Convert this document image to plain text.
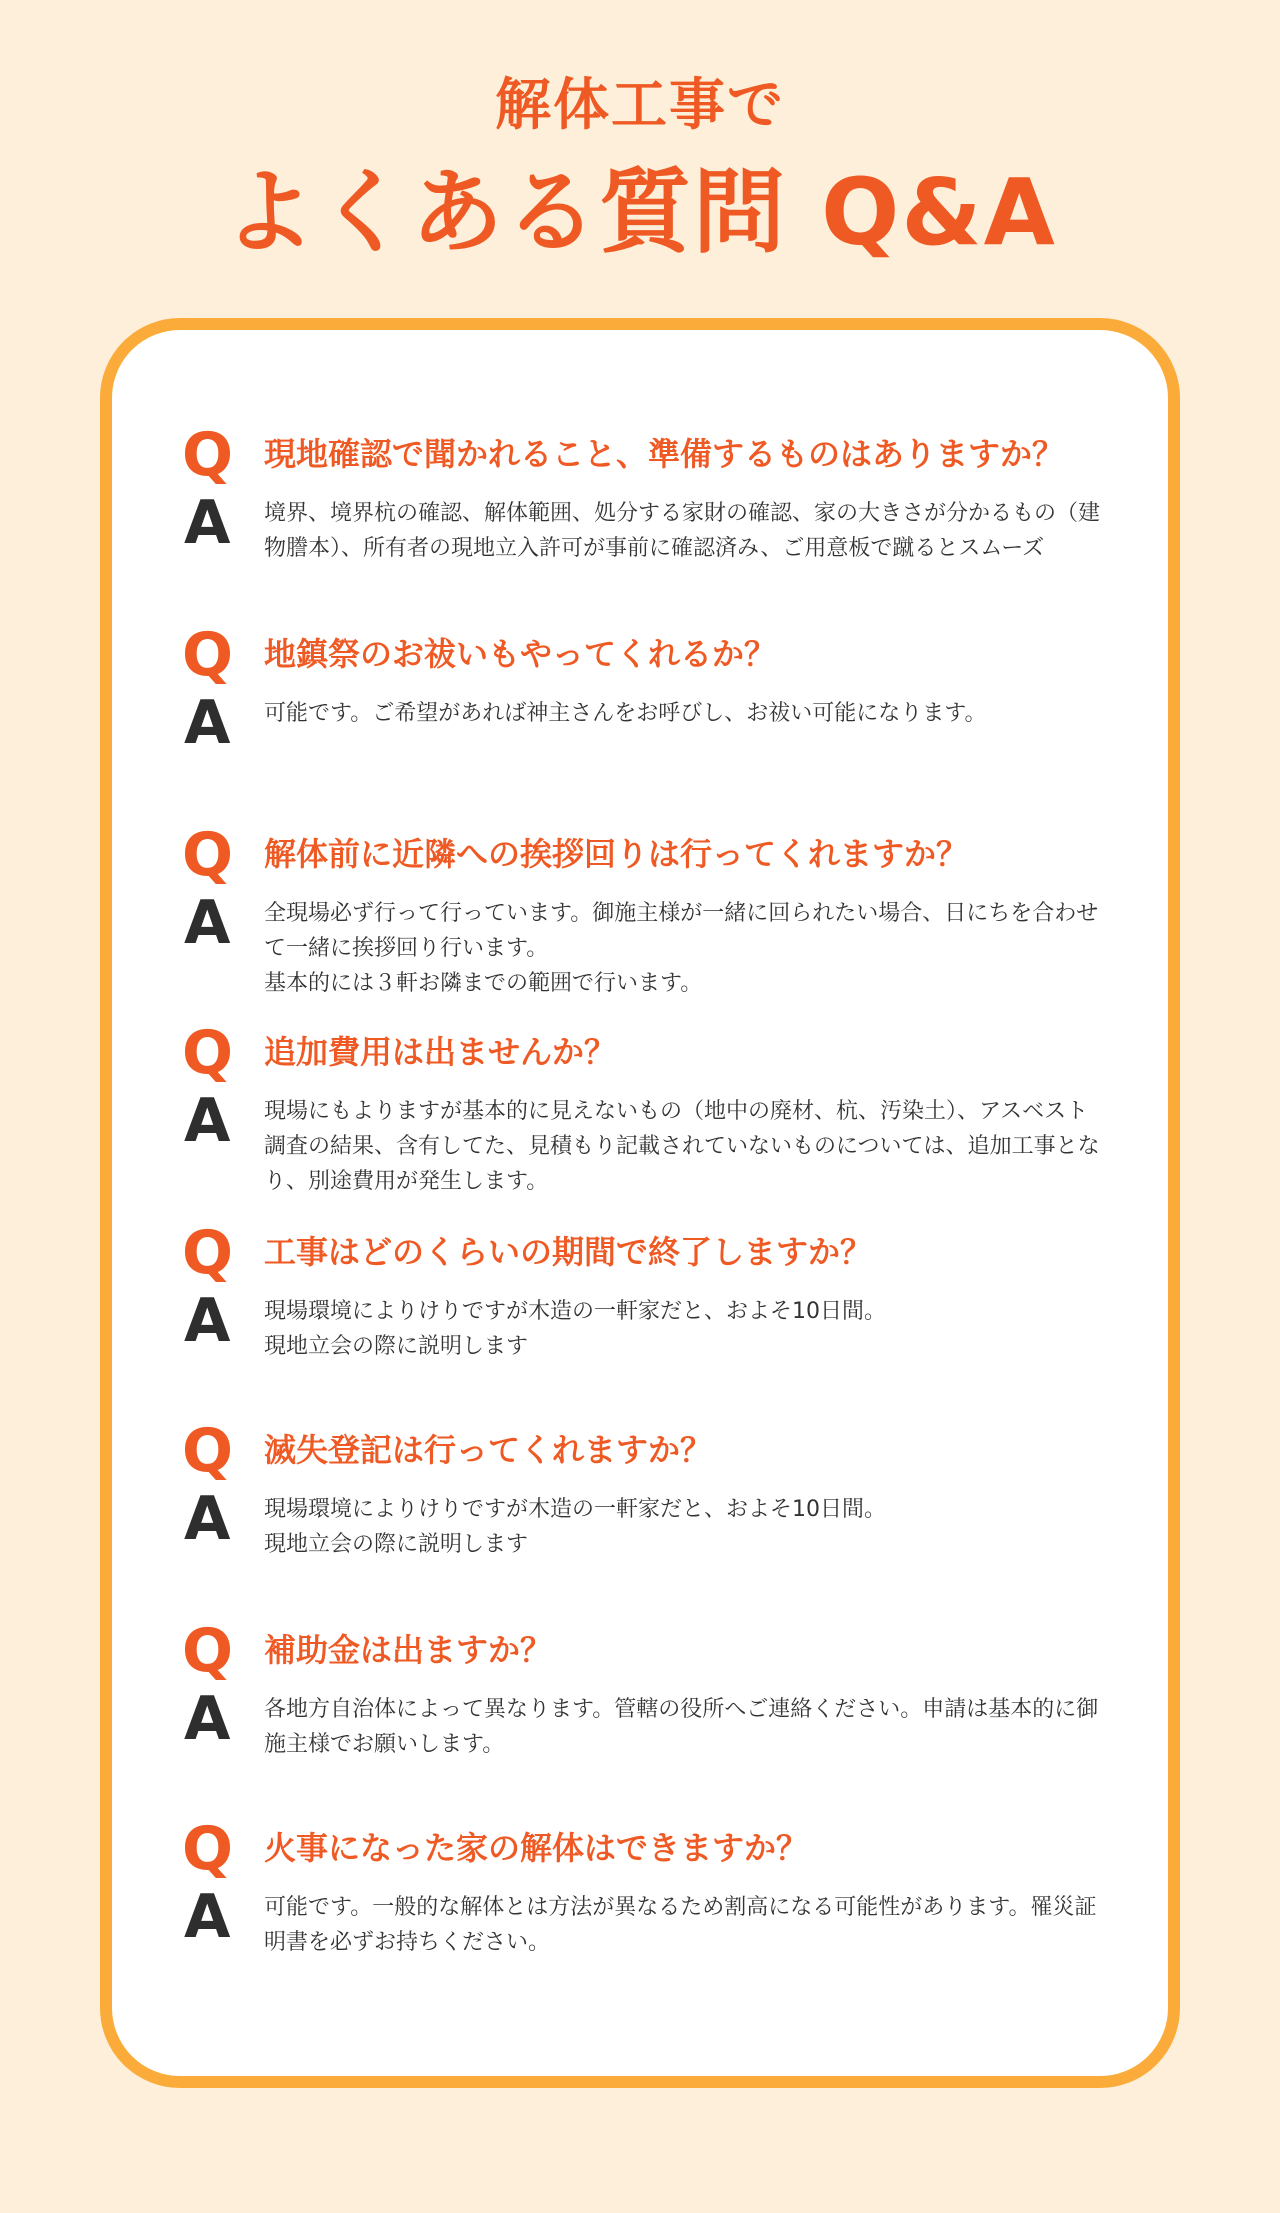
解体工事で
よくある質問 Q&A
Q 現地確認で聞かれること、準備するものはありますか？
A 境界、境界杭の確認、解体範囲、処分する家財の確認、家の大きさが分かるもの（建物謄本）、所有者の現地立入許可が事前に確認済み、ご用意板で蹴るとスムーズ
Q 地鎮祭のお祓いもやってくれるか？
A 可能です。ご希望があれば神主さんをお呼びし、お祓い可能になります。
Q 解体前に近隣への挨拶回りは行ってくれますか？
A 全現場必ず行って行っています。御施主様が一緒に回られたい場合、日にちを合わせて一緒に挨拶回り行います。
基本的には３軒お隣までの範囲で行います。
Q 追加費用は出ませんか？
A 現場にもよりますが基本的に見えないもの（地中の廃材、杭、汚染土）、アスベスト調査の結果、含有してた、見積もり記載されていないものについては、追加工事となり、別途費用が発生します。
Q 工事はどのくらいの期間で終了しますか？
A 現場環境によりけりですが木造の一軒家だと、およそ10日間。
現地立会の際に説明します
Q 滅失登記は行ってくれますか？
A 現場環境によりけりですが木造の一軒家だと、およそ10日間。
現地立会の際に説明します
Q 補助金は出ますか？
A 各地方自治体によって異なります。管轄の役所へご連絡ください。申請は基本的に御施主様でお願いします。
Q 火事になった家の解体はできますか？
A 可能です。一般的な解体とは方法が異なるため割高になる可能性があります。罹災証明書を必ずお持ちください。
